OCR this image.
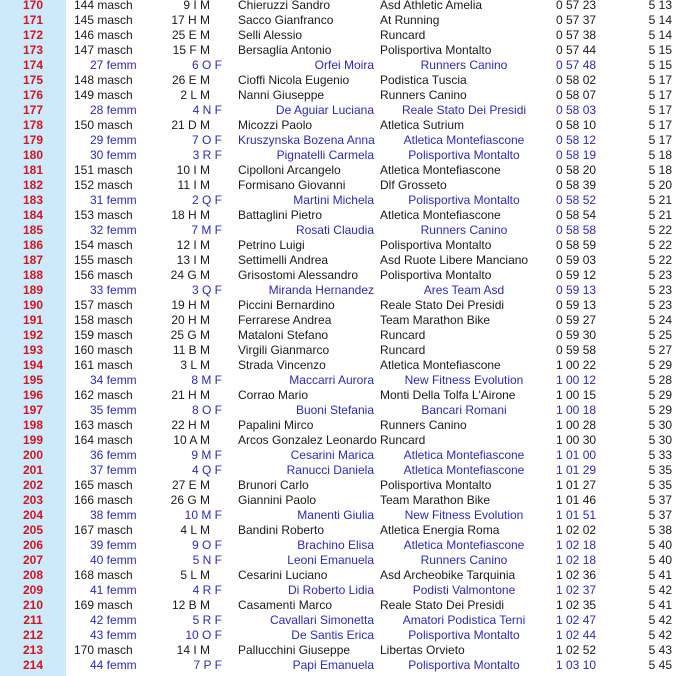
170	144 masch	9 I M	Chieruzzi Sandro	Asd Athletic Amelia	0 57 23	5 13
171	145 masch	17 H M	Sacco Gianfranco	At Running	0 57 37	5 14
172	146 masch	25 E M	Selli Alessio	Runcard	0 57 38	5 14
173	147 masch	15 F M	Bersaglia Antonio	Polisportiva Montalto	0 57 44	5 15
174	27 femm	6 O F	Orfei Moira	Runners Canino	0 57 48	5 15
175	148 masch	26 E M	Cioffi Nicola Eugenio	Podistica Tuscia	0 58 02	5 17
176	149 masch	2 L M	Nanni Giuseppe	Runners Canino	0 58 07	5 17
177	28 femm	4 N F	De Aguiar Luciana	Reale Stato Dei Presidi	0 58 03	5 17
178	150 masch	21 D M	Micozzi Paolo	Atletica Sutrium	0 58 10	5 17
179	29 femm	7 O F	Kruszynska Bozena Anna	Atletica Montefiascone	0 58 12	5 17
180	30 femm	3 R F	Pignatelli Carmela	Polisportiva Montalto	0 58 19	5 18
181	151 masch	10 I M	Cipolloni Arcangelo	Atletica Montefiascone	0 58 20	5 18
182	152 masch	11 I M	Formisano Giovanni	Dlf Grosseto	0 58 39	5 20
183	31 femm	2 Q F	Martini Michela	Polisportiva Montalto	0 58 52	5 21
184	153 masch	18 H M	Battaglini Pietro	Atletica Montefiascone	0 58 54	5 21
185	32 femm	7 M F	Rosati Claudia	Runners Canino	0 58 58	5 22
186	154 masch	12 I M	Petrino Luigi	Polisportiva Montalto	0 58 59	5 22
187	155 masch	13 I M	Settimelli Andrea	Asd Ruote Libere Manciano	0 59 03	5 22
188	156 masch	24 G M	Grisostomi Alessandro	Polisportiva Montalto	0 59 12	5 23
189	33 femm	3 Q F	Miranda Hernandez	Ares Team Asd	0 59 13	5 23
190	157 masch	19 H M	Piccini Bernardino	Reale Stato Dei Presidi	0 59 13	5 23
191	158 masch	20 H M	Ferrarese Andrea	Team Marathon Bike	0 59 27	5 24
192	159 masch	25 G M	Mataloni Stefano	Runcard	0 59 30	5 25
193	160 masch	11 B M	Virgili Gianmarco	Runcard	0 59 58	5 27
194	161 masch	3 L M	Strada Vincenzo	Atletica Montefiascone	1 00 22	5 29
195	34 femm	8 M F	Maccarri Aurora	New Fitness Evolution	1 00 12	5 28
196	162 masch	21 H M	Corrao Mario	Monti Della Tolfa L'Airone	1 00 15	5 29
197	35 femm	8 O F	Buoni Stefania	Bancari Romani	1 00 18	5 29
198	163 masch	22 H M	Papalini Mirco	Runners Canino	1 00 28	5 30
199	164 masch	10 A M	Arcos Gonzalez Leonardo	Runcard	1 00 30	5 30
200	36 femm	9 M F	Cesarini Marica	Atletica Montefiascone	1 01 00	5 33
201	37 femm	4 Q F	Ranucci Daniela	Atletica Montefiascone	1 01 29	5 35
202	165 masch	27 E M	Brunori Carlo	Polisportiva Montalto	1 01 27	5 35
203	166 masch	26 G M	Giannini Paolo	Team Marathon Bike	1 01 46	5 37
204	38 femm	10 M F	Manenti Giulia	New Fitness Evolution	1 01 51	5 37
205	167 masch	4 L M	Bandini Roberto	Atletica Energia Roma	1 02 02	5 38
206	39 femm	9 O F	Brachino Elisa	Atletica Montefiascone	1 02 18	5 40
207	40 femm	5 N F	Leoni Emanuela	Runners Canino	1 02 18	5 40
208	168 masch	5 L M	Cesarini Luciano	Asd Archeobike Tarquinia	1 02 36	5 41
209	41 femm	4 R F	Di Roberto Lidia	Podisti Valmontone	1 02 37	5 42
210	169 masch	12 B M	Casamenti Marco	Reale Stato Dei Presidi	1 02 35	5 41
211	42 femm	5 R F	Cavallari Simonetta	Amatori Podistica Terni	1 02 47	5 42
212	43 femm	10 O F	De Santis Erica	Polisportiva Montalto	1 02 44	5 42
213	170 masch	14 I M	Pallucchini Giuseppe	Libertas Orvieto	1 02 52	5 43
214	44 femm	7 P F	Papi Emanuela	Polisportiva Montalto	1 03 10	5 45
